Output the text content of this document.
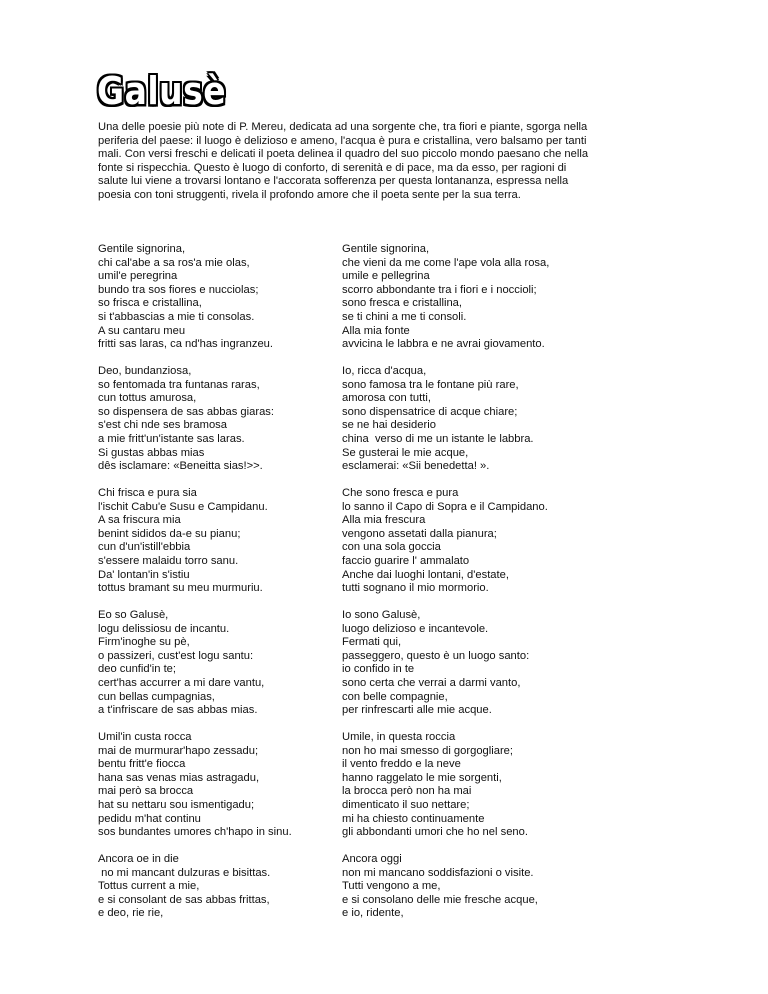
Galusè

Una delle poesie più note di P. Mereu, dedicata ad una sorgente che, tra fiori e piante, sgorga nella periferia del paese: il luogo è delizioso e ameno, l'acqua è pura e cristallina, vero balsamo per tanti mali. Con versi freschi e delicati il poeta delinea il quadro del suo piccolo mondo paesano che nella fonte si rispecchia. Questo è luogo di conforto, di serenità e di pace, ma da esso, per ragioni di salute lui viene a trovarsi lontano e l'accorata sofferenza per questa lontananza, espressa nella poesia con toni struggenti, rivela il profondo amore che il poeta sente per la sua terra.

Gentile signorina,
chi cal'abe a sa ros'a mie olas,
umil'e peregrina
bundo tra sos fiores e nucciolas;
so frisca e cristallina,
si t'abbascias a mie ti consolas.
A su cantaru meu
fritti sas laras, ca nd'has ingranzeu.
Gentile signorina,
che vieni da me come l'ape vola alla rosa,
umile e pellegrina
scorro abbondante tra i fiori e i noccioli;
sono fresca e cristallina,
se ti chini a me ti consoli.
Alla mia fonte
avvicina le labbra e ne avrai giovamento.
Deo, bundanziosa,
so fentomada tra funtanas raras,
cun tottus amurosa,
so dispensera de sas abbas giaras:
s'est chi nde ses bramosa
a mie fritt'un'istante sas laras.
Si gustas abbas mias
dês isclamare: «Beneitta sias!>>.
Io, ricca d'acqua,
sono famosa tra le fontane più rare,
amorosa con tutti,
sono dispensatrice di acque chiare;
se ne hai desiderio
china  verso di me un istante le labbra.
Se gusterai le mie acque,
esclamerai: «Sii benedetta! ».
Chi frisca e pura sia
l'ischit Cabu'e Susu e Campidanu.
A sa friscura mia
benint sididos da-e su pianu;
cun d'un'istill'ebbia
s'essere malaidu torro sanu.
Da' lontan'in s'istiu
tottus bramant su meu murmuriu.
Che sono fresca e pura
lo sanno il Capo di Sopra e il Campidano.
Alla mia frescura
vengono assetati dalla pianura;
con una sola goccia
faccio guarire l' ammalato
Anche dai luoghi lontani, d'estate,
tutti sognano il mio mormorio.
Eo so Galusè,
logu delissiosu de incantu.
Firm'inoghe su pè,
o passizeri, cust'est logu santu:
deo cunfid'in te;
cert'has accurrer a mi dare vantu,
cun bellas cumpagnias,
a t'infriscare de sas abbas mias.
Io sono Galusè,
luogo delizioso e incantevole.
Fermati qui,
passeggero, questo è un luogo santo:
io confido in te
sono certa che verrai a darmi vanto,
con belle compagnie,
per rinfrescarti alle mie acque.
Umil'in custa rocca
mai de murmurar'hapo zessadu;
bentu fritt'e fiocca
hana sas venas mias astragadu,
mai però sa brocca
hat su nettaru sou ismentigadu;
pedidu m'hat continu
sos bundantes umores ch'hapo in sinu.
Umile, in questa roccia
non ho mai smesso di gorgogliare;
il vento freddo e la neve
hanno raggelato le mie sorgenti,
la brocca però non ha mai
dimenticato il suo nettare;
mi ha chiesto continuamente
gli abbondanti umori che ho nel seno.
Ancora oe in die
no mi mancant dulzuras e bisittas.
Tottus current a mie,
e si consolant de sas abbas frittas,
e deo, rie rie,
Ancora oggi
non mi mancano soddisfazioni o visite.
Tutti vengono a me,
e si consolano delle mie fresche acque,
e io, ridente,
